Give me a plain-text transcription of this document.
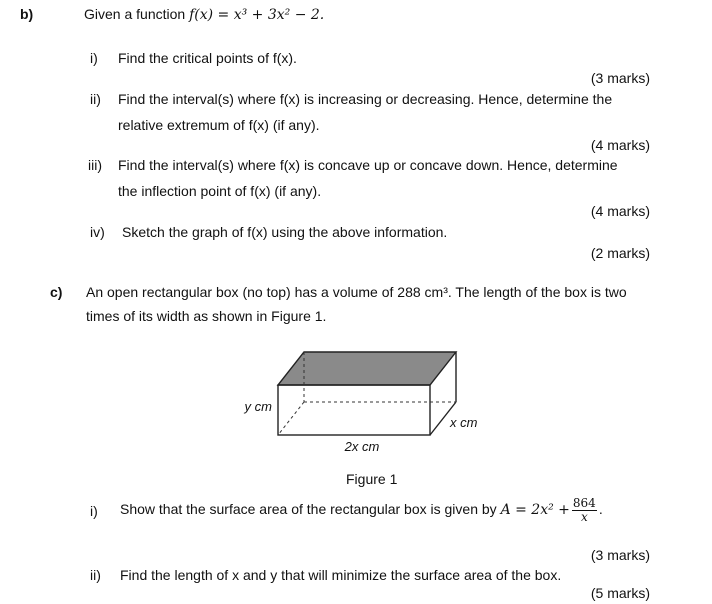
b)	Given a function f(x) = x³ + 3x² − 2.
i) Find the critical points of f(x).
(3 marks)
ii) Find the interval(s) where f(x) is increasing or decreasing. Hence, determine the
relative extremum of f(x) (if any).
(4 marks)
iii) Find the interval(s) where f(x) is concave up or concave down. Hence, determine
the inflection point of f(x) (if any).
(4 marks)
iv) Sketch the graph of f(x) using the above information.
(2 marks)
c) An open rectangular box (no top) has a volume of 288 cm³. The length of the box is two
times of its width as shown in Figure 1.
y cm
x cm
2x cm
Figure 1
i) Show that the surface area of the rectangular box is given by $A = 2x^2 + \frac{864}{x}$ .
(3 marks)
ii) Find the length of x and y that will minimize the surface area of the box.
(5 marks)
